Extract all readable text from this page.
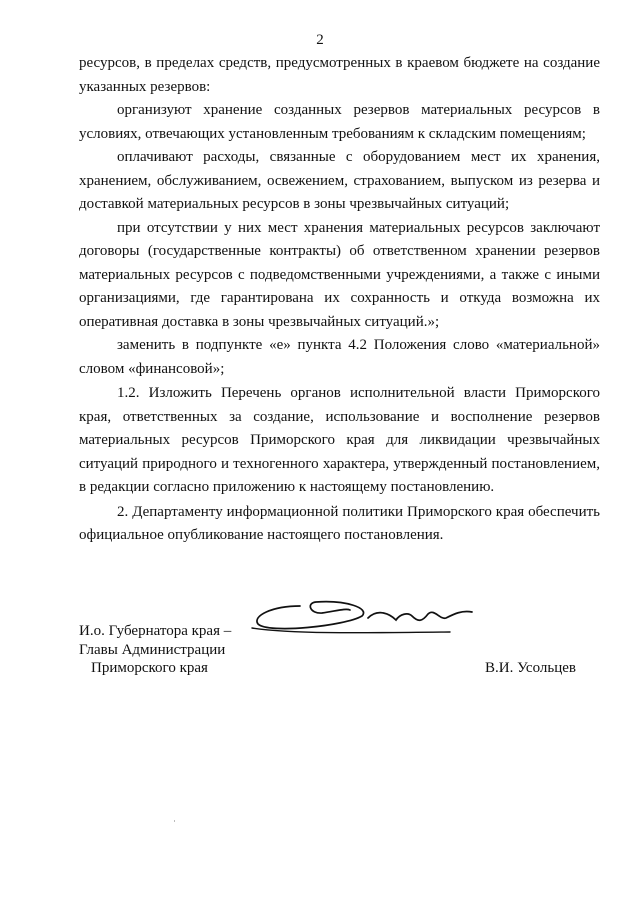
2

ресурсов, в пределах средств, предусмотренных в краевом бюджете на создание указанных резервов:

организуют хранение созданных резервов материальных ресурсов в условиях, отвечающих установленным требованиям к складским помещениям;

оплачивают расходы, связанные с оборудованием мест их хранения, хранением, обслуживанием, освежением, страхованием, выпуском из резерва и доставкой материальных ресурсов в зоны чрезвычайных ситуаций;

при отсутствии у них мест хранения материальных ресурсов заключают договоры (государственные контракты) об ответственном хранении резервов материальных ресурсов с подведомственными учреждениями, а также с иными организациями, где гарантирована их сохранность и откуда возможна их оперативная доставка в зоны чрезвычайных ситуаций.»;

заменить в подпункте «е» пункта 4.2 Положения слово «материальной» словом «финансовой»;

1.2. Изложить Перечень органов исполнительной власти Приморского края, ответственных за создание, использование и восполнение резервов материальных ресурсов Приморского края для ликвидации чрезвычайных ситуаций природного и техногенного характера, утвержденный постановлением, в редакции согласно приложению к настоящему постановлению.

2. Департаменту информационной политики Приморского края обеспечить официальное опубликование настоящего постановления.

И.о. Губернатора края –
Главы Администрации
Приморского края	В.И. Усольцев
